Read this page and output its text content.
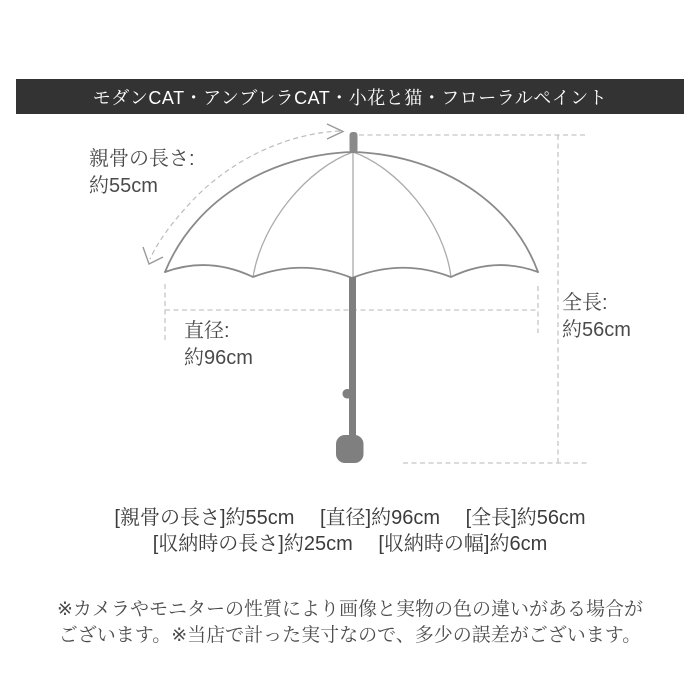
モダンCAT・アンブレラCAT・小花と猫・フローラルペイント
親骨の長さ:
約55cm
直径:
約96cm
全長:
約56cm
[親骨の長さ]約55cm [直径]約96cm [全長]約56cm
[収納時の長さ]約25cm [収納時の幅]約6cm
※カメラやモニターの性質により画像と実物の色の違いがある場合が
ございます。※当店で計った実寸なので、多少の誤差がございます。
